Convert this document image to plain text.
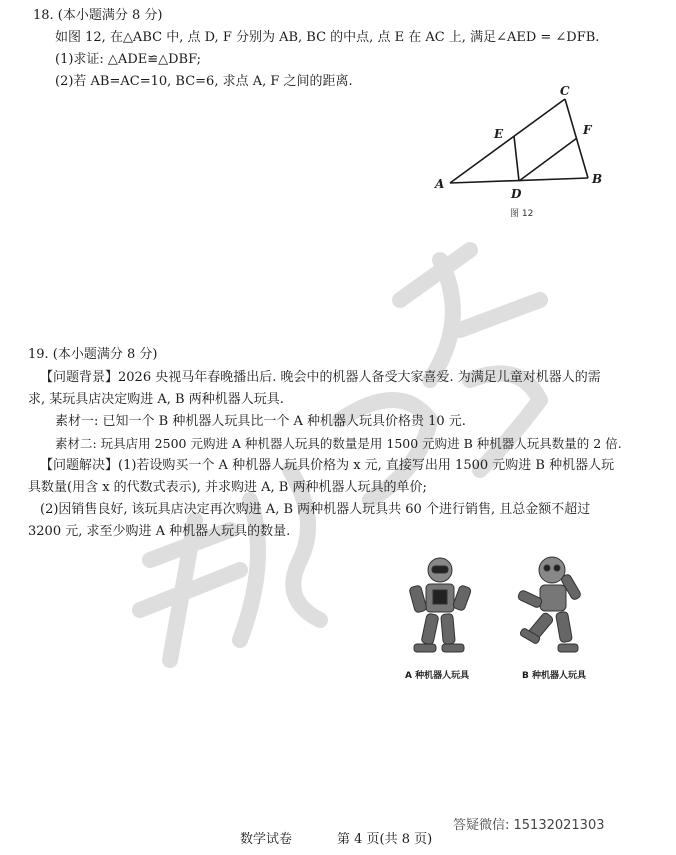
18. (本小题满分 8 分)
如图 12, 在△ABC 中, 点 D, F 分别为 AB, BC 的中点, 点 E 在 AC 上, 满足∠AED = ∠DFB.
(1)求证: △ADE≌△DBF;
(2)若 AB=AC=10, BC=6, 求点 A, F 之间的距离.
A	B
C
D
E	F
图 12
19. (本小题满分 8 分)
【问题背景】2026 央视马年春晚播出后. 晚会中的机器人备受大家喜爱. 为满足儿童对机器人的需
求, 某玩具店决定购进 A, B 两种机器人玩具.
素材一: 已知一个 B 种机器人玩具比一个 A 种机器人玩具价格贵 10 元.
素材二: 玩具店用 2500 元购进 A 种机器人玩具的数量是用 1500 元购进 B 种机器人玩具数量的 2 倍.
【问题解决】(1)若设购买一个 A 种机器人玩具价格为 x 元, 直接写出用 1500 元购进 B 种机器人玩
具数量(用含 x 的代数式表示), 并求购进 A, B 两种机器人玩具的单价;
(2)因销售良好, 该玩具店决定再次购进 A, B 两种机器人玩具共 60 个进行销售, 且总金额不超过
3200 元, 求至少购进 A 种机器人玩具的数量.
A 种机器人玩具	B 种机器人玩具
数学试卷	第 4 页(共 8 页)
答疑微信: 15132021303
